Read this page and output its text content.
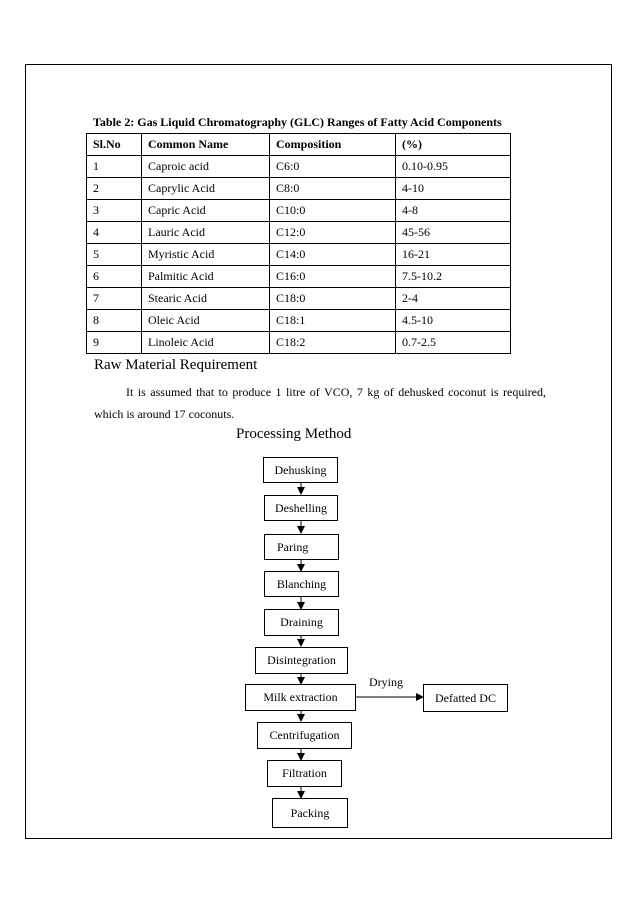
Table 2: Gas Liquid Chromatography (GLC) Ranges of Fatty Acid Components
Sl.No	Common Name	Composition	(%)
1	Caproic acid	C6:0	0.10-0.95
2	Caprylic Acid	C8:0	4-10
3	Capric Acid	C10:0	4-8
4	Lauric Acid	C12:0	45-56
5	Myristic Acid	C14:0	16-21
6	Palmitic Acid	C16:0	7.5-10.2
7	Stearic Acid	C18:0	2-4
8	Oleic Acid	C18:1	4.5-10
9	Linoleic Acid	C18:2	0.7-2.5
Raw Material Requirement
It is assumed that to produce 1 litre of VCO, 7 kg of dehusked coconut is required, which is around 17 coconuts.
Processing Method
Dehusking
Deshelling
Paring
Blanching
Draining
Disintegration
Milk extraction
Centrifugation
Filtration
Packing
Drying
Defatted DC
